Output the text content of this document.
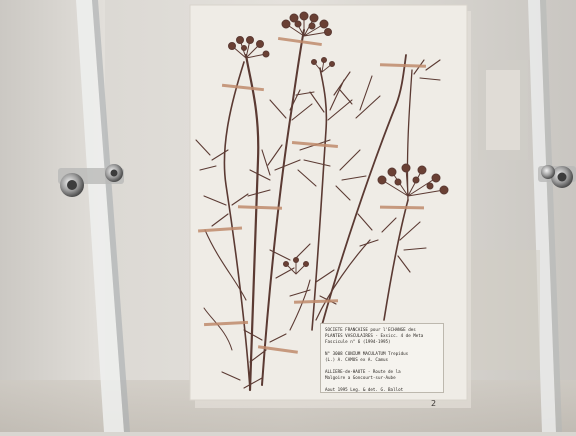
SOCIETE FRANCAISE pour l'ECHANGE des
PLANTES VASCULAIRES - Exsicc. 4 de Meta
Fascicule n° 6 (1994-1995)

N° 3008 CONIUM MACULATUM Trepidus
(L.) A. CAMUS ex A. Camus

ALLIERE-de-HAUTE - Route de la
Malgoire a Goncourt-sur-Aube

Aout 1995 Leg. & det. G. Ballot
2
